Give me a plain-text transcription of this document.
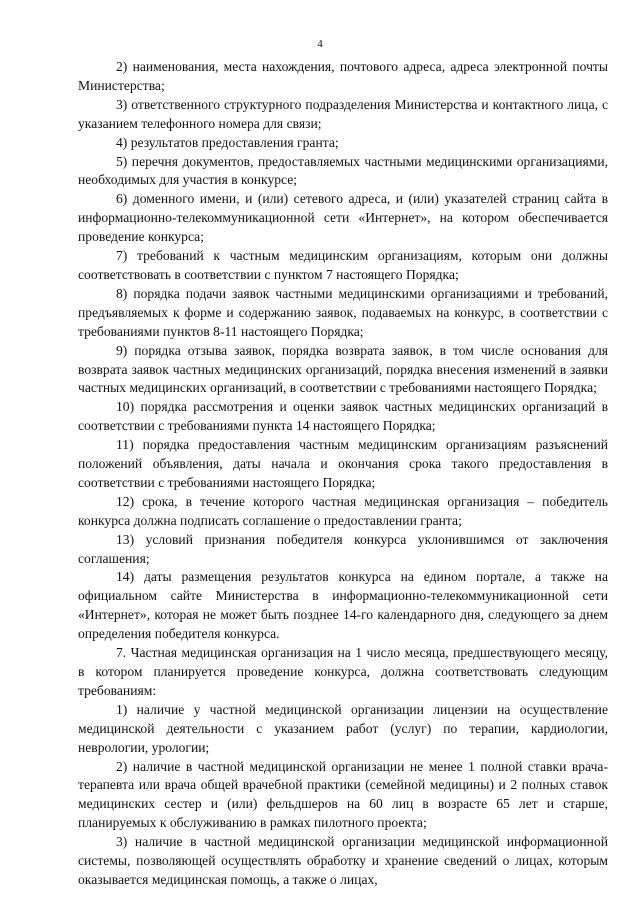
4

2) наименования, места нахождения, почтового адреса, адреса электронной почты Министерства;

3) ответственного структурного подразделения Министерства и контактного лица, с указанием телефонного номера для связи;

4) результатов предоставления гранта;

5) перечня документов, предоставляемых частными медицинскими организациями, необходимых для участия в конкурсе;

6) доменного имени, и (или) сетевого адреса, и (или) указателей страниц сайта в информационно-телекоммуникационной сети «Интернет», на котором обеспечивается проведение конкурса;

7) требований к частным медицинским организациям, которым они должны соответствовать в соответствии с пунктом 7 настоящего Порядка;

8) порядка подачи заявок частными медицинскими организациями и требований, предъявляемых к форме и содержанию заявок, подаваемых на конкурс, в соответствии с требованиями пунктов 8-11 настоящего Порядка;

9) порядка отзыва заявок, порядка возврата заявок, в том числе основания для возврата заявок частных медицинских организаций, порядка внесения изменений в заявки частных медицинских организаций, в соответствии с требованиями настоящего Порядка;

10) порядка рассмотрения и оценки заявок частных медицинских организаций в соответствии с требованиями пункта 14 настоящего Порядка;

11) порядка предоставления частным медицинским организациям разъяснений положений объявления, даты начала и окончания срока такого предоставления в соответствии с требованиями настоящего Порядка;

12) срока, в течение которого частная медицинская организация – победитель конкурса должна подписать соглашение о предоставлении гранта;

13) условий признания победителя конкурса уклонившимся от заключения соглашения;

14) даты размещения результатов конкурса на едином портале, а также на официальном сайте Министерства в информационно-телекоммуникационной сети «Интернет», которая не может быть позднее 14-го календарного дня, следующего за днем определения победителя конкурса.

7. Частная медицинская организация на 1 число месяца, предшествующего месяцу, в котором планируется проведение конкурса, должна соответствовать следующим требованиям:

1) наличие у частной медицинской организации лицензии на осуществление медицинской деятельности с указанием работ (услуг) по терапии, кардиологии, неврологии, урологии;

2) наличие в частной медицинской организации не менее 1 полной ставки врача-терапевта или врача общей врачебной практики (семейной медицины) и 2 полных ставок медицинских сестер и (или) фельдшеров на 60 лиц в возрасте 65 лет и старше, планируемых к обслуживанию в рамках пилотного проекта;

3) наличие в частной медицинской организации медицинской информационной системы, позволяющей осуществлять обработку и хранение сведений о лицах, которым оказывается медицинская помощь, а также о лицах,
